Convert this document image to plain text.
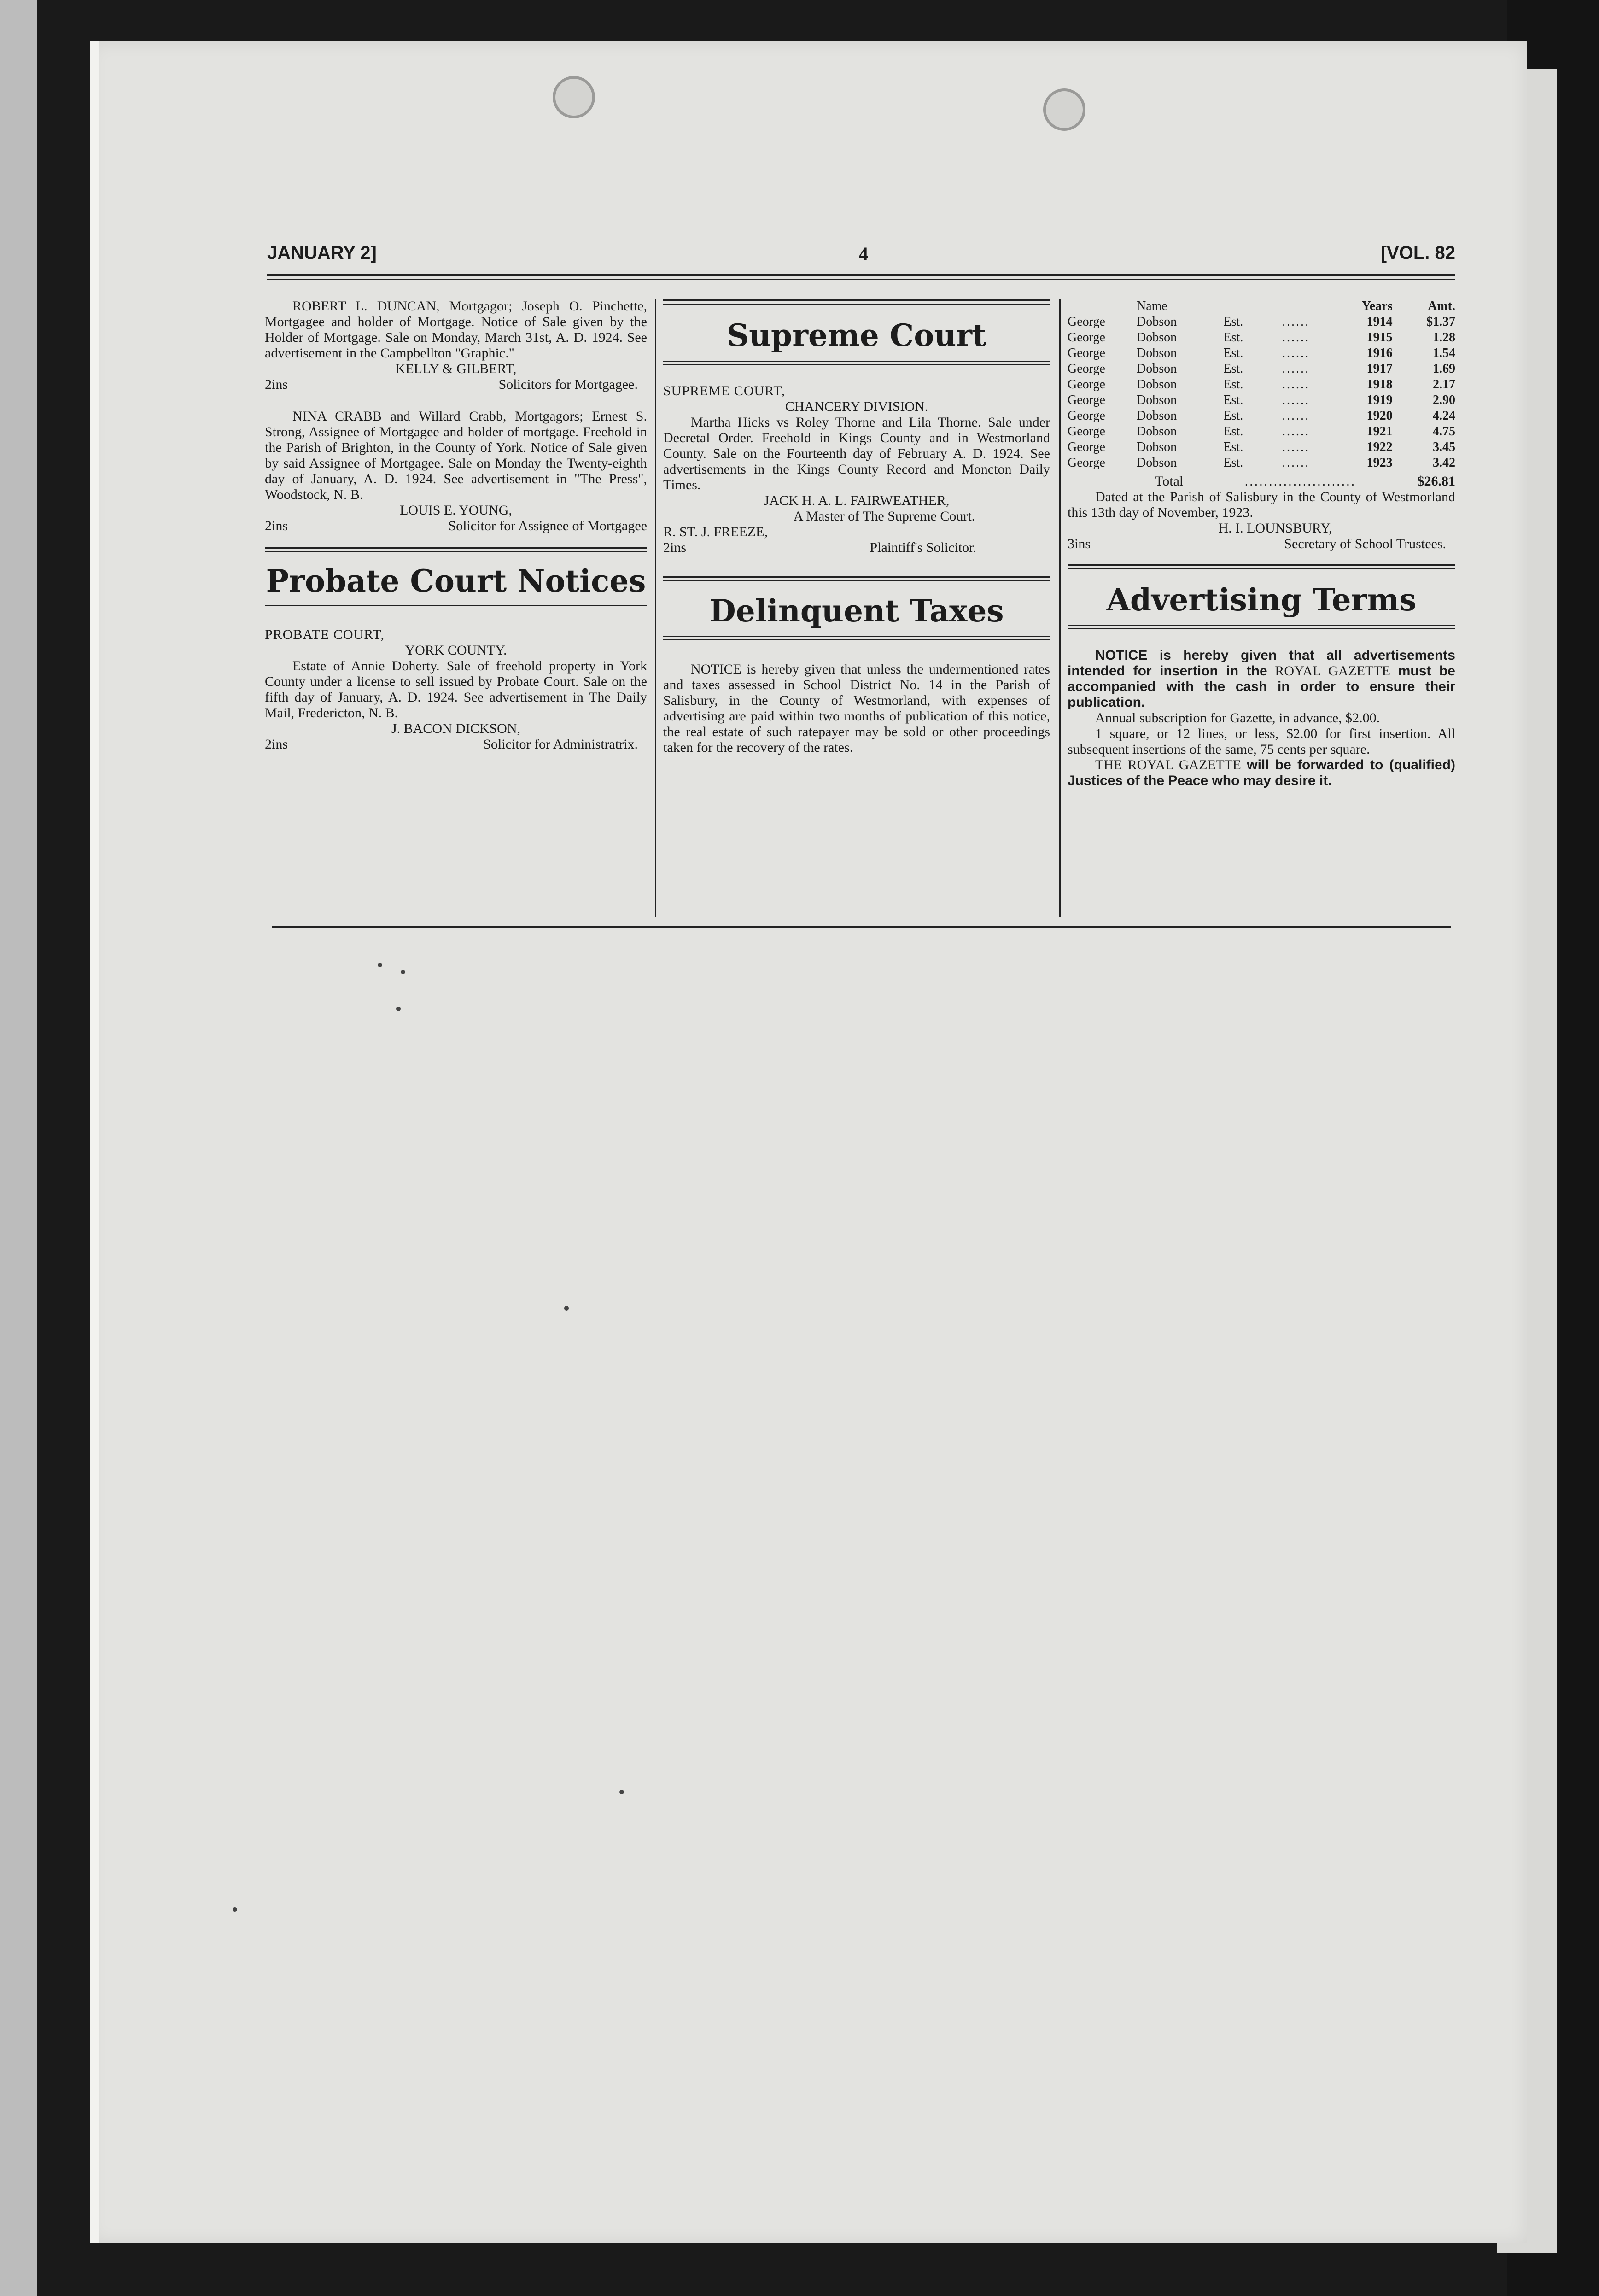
JANUARY 2]	4	[VOL. 82

ROBERT L. DUNCAN, Mortgagor; Joseph O. Pinchette, Mortgagee and holder of Mortgage. Notice of Sale given by the Holder of Mortgage. Sale on Monday, March 31st, A. D. 1924. See advertisement in the Campbellton "Graphic."

KELLY & GILBERT,

2ins	Solicitors for Mortgagee.

NINA CRABB and Willard Crabb, Mortgagors; Ernest S. Strong, Assignee of Mortgagee and holder of mortgage. Freehold in the Parish of Brighton, in the County of York. Notice of Sale given by said Assignee of Mortgagee. Sale on Monday the Twenty-eighth day of January, A. D. 1924. See advertisement in "The Press", Woodstock, N. B.

LOUIS E. YOUNG,

2ins	Solicitor for Assignee of Mortgagee
Probate Court Notices

PROBATE COURT,

YORK COUNTY.

Estate of Annie Doherty. Sale of freehold property in York County under a license to sell issued by Probate Court. Sale on the fifth day of January, A. D. 1924. See advertisement in The Daily Mail, Fredericton, N. B.

J. BACON DICKSON,

2ins	Solicitor for Administratrix.
Supreme Court

SUPREME COURT,

CHANCERY DIVISION.

Martha Hicks vs Roley Thorne and Lila Thorne. Sale under Decretal Order. Freehold in Kings County and in Westmorland County. Sale on the Fourteenth day of February A. D. 1924. See advertisements in the Kings County Record and Moncton Daily Times.

JACK H. A. L. FAIRWEATHER,

A Master of The Supreme Court.

R. ST. J. FREEZE,

2ins	Plaintiff's Solicitor.
Delinquent Taxes

NOTICE is hereby given that unless the undermentioned rates and taxes assessed in School District No. 14 in the Parish of Salisbury, in the County of Westmorland, with expenses of advertising are paid within two months of publication of this notice, the real estate of such ratepayer may be sold or other proceedings taken for the recovery of the rates.

	Name			Years	Amt.
George	Dobson	Est.	......	1914	$1.37
George	Dobson	Est.	......	1915	1.28
George	Dobson	Est.	......	1916	1.54
George	Dobson	Est.	......	1917	1.69
George	Dobson	Est.	......	1918	2.17
George	Dobson	Est.	......	1919	2.90
George	Dobson	Est.	......	1920	4.24
George	Dobson	Est.	......	1921	4.75
George	Dobson	Est.	......	1922	3.45
George	Dobson	Est.	......	1923	3.42
Total	.......................	$26.81

Dated at the Parish of Salisbury in the County of Westmorland this 13th day of November, 1923.

H. I. LOUNSBURY,

3ins	Secretary of School Trustees.
Advertising Terms

NOTICE is hereby given that all advertisements intended for insertion in the ROYAL GAZETTE must be accompanied with the cash in order to ensure their publication.

Annual subscription for Gazette, in advance, $2.00.

1 square, or 12 lines, or less, $2.00 for first insertion. All subsequent insertions of the same, 75 cents per square.

THE ROYAL GAZETTE will be forwarded to (qualified) Justices of the Peace who may desire it.
